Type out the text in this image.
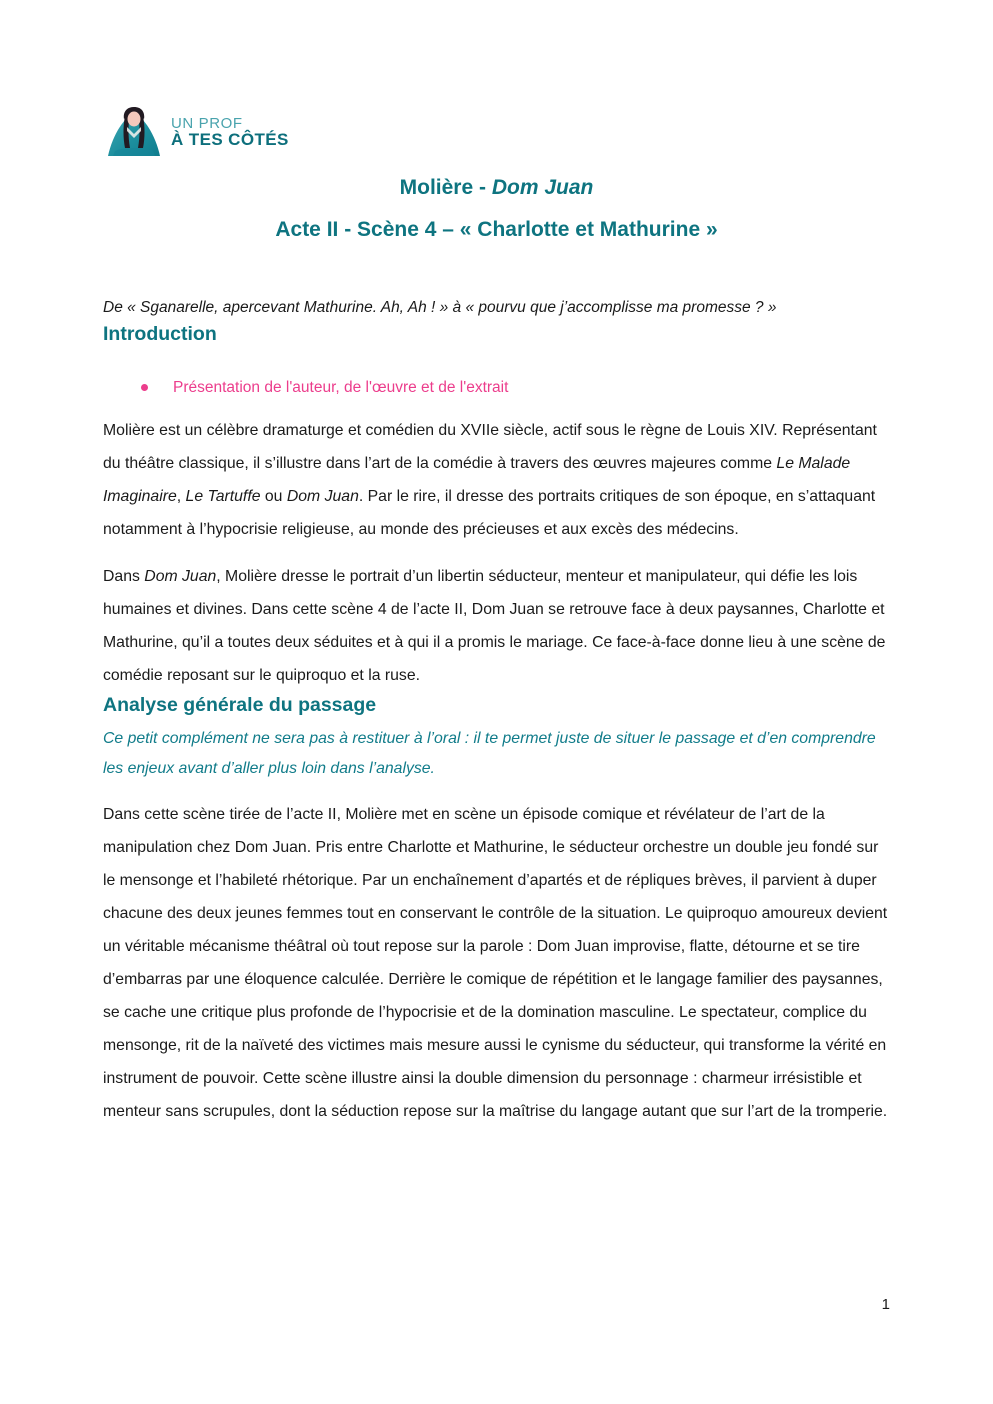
UN PROF
À TES CÔTÉS
Molière - Dom Juan
Acte II - Scène 4 – « Charlotte et Mathurine »

De « Sganarelle, apercevant Mathurine. Ah, Ah ! » à « pourvu que j’accomplisse ma promesse ? »

Introduction
Présentation de l'auteur, de l'œuvre et de l'extrait

Molière est un célèbre dramaturge et comédien du XVIIe siècle, actif sous le règne de Louis XIV. Représentant du théâtre classique, il s’illustre dans l’art de la comédie à travers des œuvres majeures comme Le Malade Imaginaire, Le Tartuffe ou Dom Juan. Par le rire, il dresse des portraits critiques de son époque, en s’attaquant notamment à l’hypocrisie religieuse, au monde des précieuses et aux excès des médecins.

Dans Dom Juan, Molière dresse le portrait d’un libertin séducteur, menteur et manipulateur, qui défie les lois humaines et divines. Dans cette scène 4 de l’acte II, Dom Juan se retrouve face à deux paysannes, Charlotte et Mathurine, qu’il a toutes deux séduites et à qui il a promis le mariage. Ce face-à-face donne lieu à une scène de comédie reposant sur le quiproquo et la ruse.

Analyse générale du passage

Ce petit complément ne sera pas à restituer à l’oral : il te permet juste de situer le passage et d’en comprendre les enjeux avant d’aller plus loin dans l’analyse.

Dans cette scène tirée de l’acte II, Molière met en scène un épisode comique et révélateur de l’art de la manipulation chez Dom Juan. Pris entre Charlotte et Mathurine, le séducteur orchestre un double jeu fondé sur le mensonge et l’habileté rhétorique. Par un enchaînement d’apartés et de répliques brèves, il parvient à duper chacune des deux jeunes femmes tout en conservant le contrôle de la situation. Le quiproquo amoureux devient un véritable mécanisme théâtral où tout repose sur la parole : Dom Juan improvise, flatte, détourne et se tire d’embarras par une éloquence calculée. Derrière le comique de répétition et le langage familier des paysannes, se cache une critique plus profonde de l’hypocrisie et de la domination masculine. Le spectateur, complice du mensonge, rit de la naïveté des victimes mais mesure aussi le cynisme du séducteur, qui transforme la vérité en instrument de pouvoir. Cette scène illustre ainsi la double dimension du personnage : charmeur irrésistible et menteur sans scrupules, dont la séduction repose sur la maîtrise du langage autant que sur l’art de la tromperie.

1
